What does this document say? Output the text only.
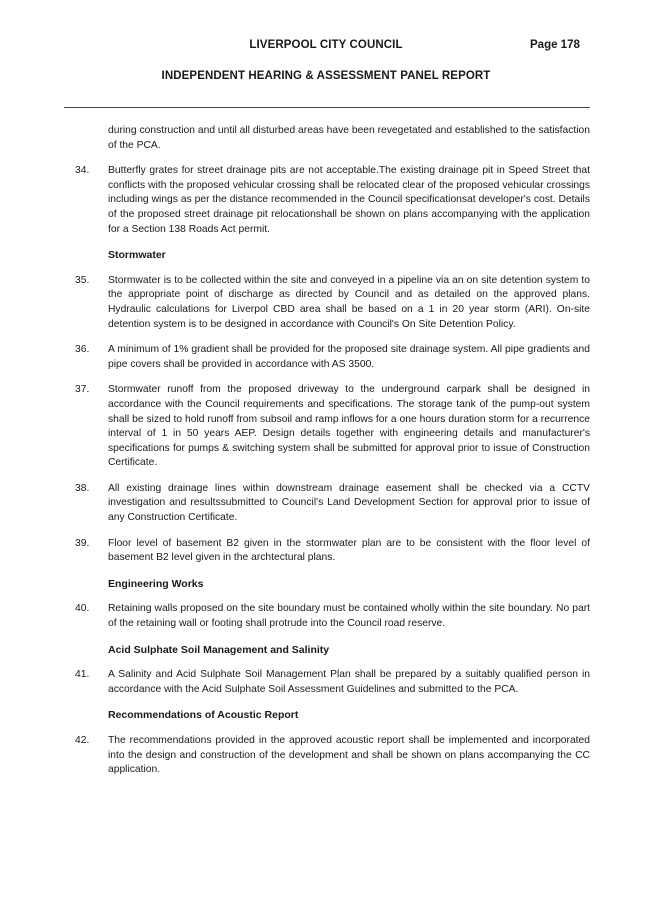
LIVERPOOL CITY COUNCIL	Page 178
INDEPENDENT HEARING & ASSESSMENT PANEL REPORT
during construction and until all disturbed areas have been revegetated and established to the satisfaction of the PCA.
34. Butterfly grates for street drainage pits are not acceptable.The existing drainage pit in Speed Street that conflicts with the proposed vehicular crossing shall be relocated clear of the proposed vehicular crossings including wings as per the distance recommended in the Council specificationsat developer's cost. Details of the proposed street drainage pit relocationshall be shown on plans accompanying with the application for a Section 138 Roads Act permit.
Stormwater
35. Stormwater is to be collected within the site and conveyed in a pipeline via an on site detention system to the appropriate point of discharge as directed by Council and as detailed on the approved plans. Hydraulic calculations for Liverpol CBD area shall be based on a 1 in 20 year storm (ARI). On-site detention system is to be designed in accordance with Council's On Site Detention Policy.
36. A minimum of 1% gradient shall be provided for the proposed site drainage system. All pipe gradients and pipe covers shall be provided in accordance with AS 3500.
37. Stormwater runoff from the proposed driveway to the underground carpark shall be designed in accordance with the Council requirements and specifications. The storage tank of the pump-out system shall be sized to hold runoff from subsoil and ramp inflows for a one hours duration storm for a recurrence interval of 1 in 50 years AEP. Design details together with engineering details and manufacturer's specifications for pumps & switching system shall be submitted for approval prior to issue of Construction Certificate.
38. All existing drainage lines within downstream drainage easement shall be checked via a CCTV investigation and resultssubmitted to Council's Land Development Section for approval prior to issue of any Construction Certificate.
39. Floor level of basement B2 given in the stormwater plan are to be consistent with the floor level of basement B2 level given in the archtectural plans.
Engineering Works
40. Retaining walls proposed on the site boundary must be contained wholly within the site boundary. No part of the retaining wall or footing shall protrude into the Council road reserve.
Acid Sulphate Soil Management and Salinity
41. A Salinity and Acid Sulphate Soil Management Plan shall be prepared by a suitably qualified person in accordance with the Acid Sulphate Soil Assessment Guidelines and submitted to the PCA.
Recommendations of Acoustic Report
42. The recommendations provided in the approved acoustic report shall be implemented and incorporated into the design and construction of the development and shall be shown on plans accompanying the CC application.
